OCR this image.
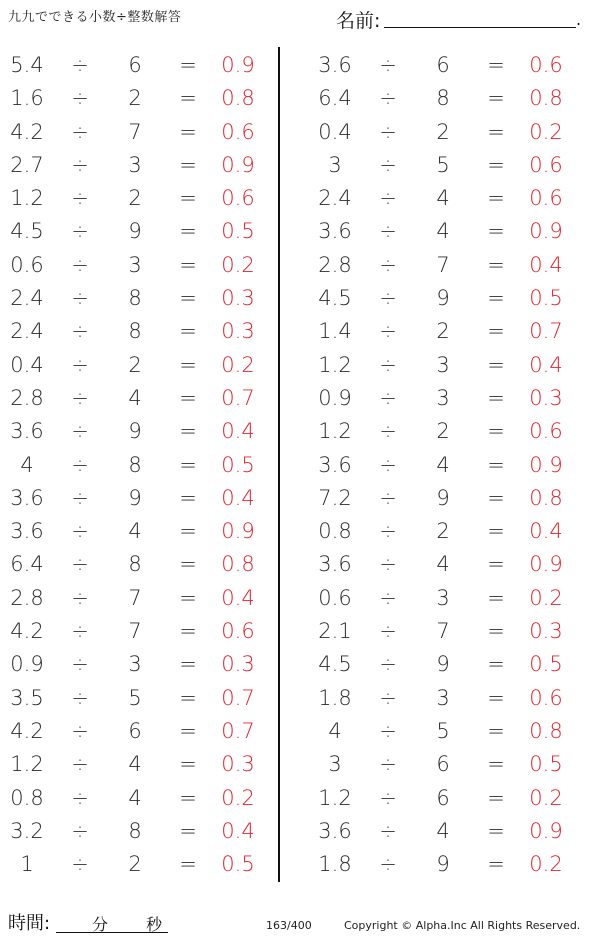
九九でできる小数÷整数解答	名前:	.
5.4	÷	6	= 0.9
1.6	÷	2	= 0.8
4.2	÷	7	= 0.6
2.7	÷	3	= 0.9
1.2	÷	2	= 0.6
4.5	÷	9	= 0.5
0.6	÷	3	= 0.2
2.4	÷	8	= 0.3
2.4	÷	8	= 0.3
0.4	÷	2	= 0.2
2.8	÷	4	= 0.7
3.6	÷	9	= 0.4
4	÷	8	= 0.5
3.6	÷	9	= 0.4
3.6	÷	4	= 0.9
6.4	÷	8	= 0.8
2.8	÷	7	= 0.4
4.2	÷	7	= 0.6
0.9	÷	3	= 0.3
3.5	÷	5	= 0.7
4.2	÷	6	= 0.7
1.2	÷	4	= 0.3
0.8	÷	4	= 0.2
3.2	÷	8	= 0.4
1	÷	2	= 0.5
3.6	÷	6	= 0.6
6.4	÷	8	= 0.8
0.4	÷	2	= 0.2
3	÷	5	= 0.6
2.4	÷	4	= 0.6
3.6	÷	4	= 0.9
2.8	÷	7	= 0.4
4.5	÷	9	= 0.5
1.4	÷	2	= 0.7
1.2	÷	3	= 0.4
0.9	÷	3	= 0.3
1.2	÷	2	= 0.6
3.6	÷	4	= 0.9
7.2	÷	9	= 0.8
0.8	÷	2	= 0.4
3.6	÷	4	= 0.9
0.6	÷	3	= 0.2
2.1	÷	7	= 0.3
4.5	÷	9	= 0.5
1.8	÷	3	= 0.6
4	÷	5	= 0.8
3	÷	6	= 0.5
1.2	÷	6	= 0.2
3.6	÷	4	= 0.9
1.8	÷	9	= 0.2
時間:	分 秒	163/400	Copyright © Alpha.Inc All Rights Reserved.
